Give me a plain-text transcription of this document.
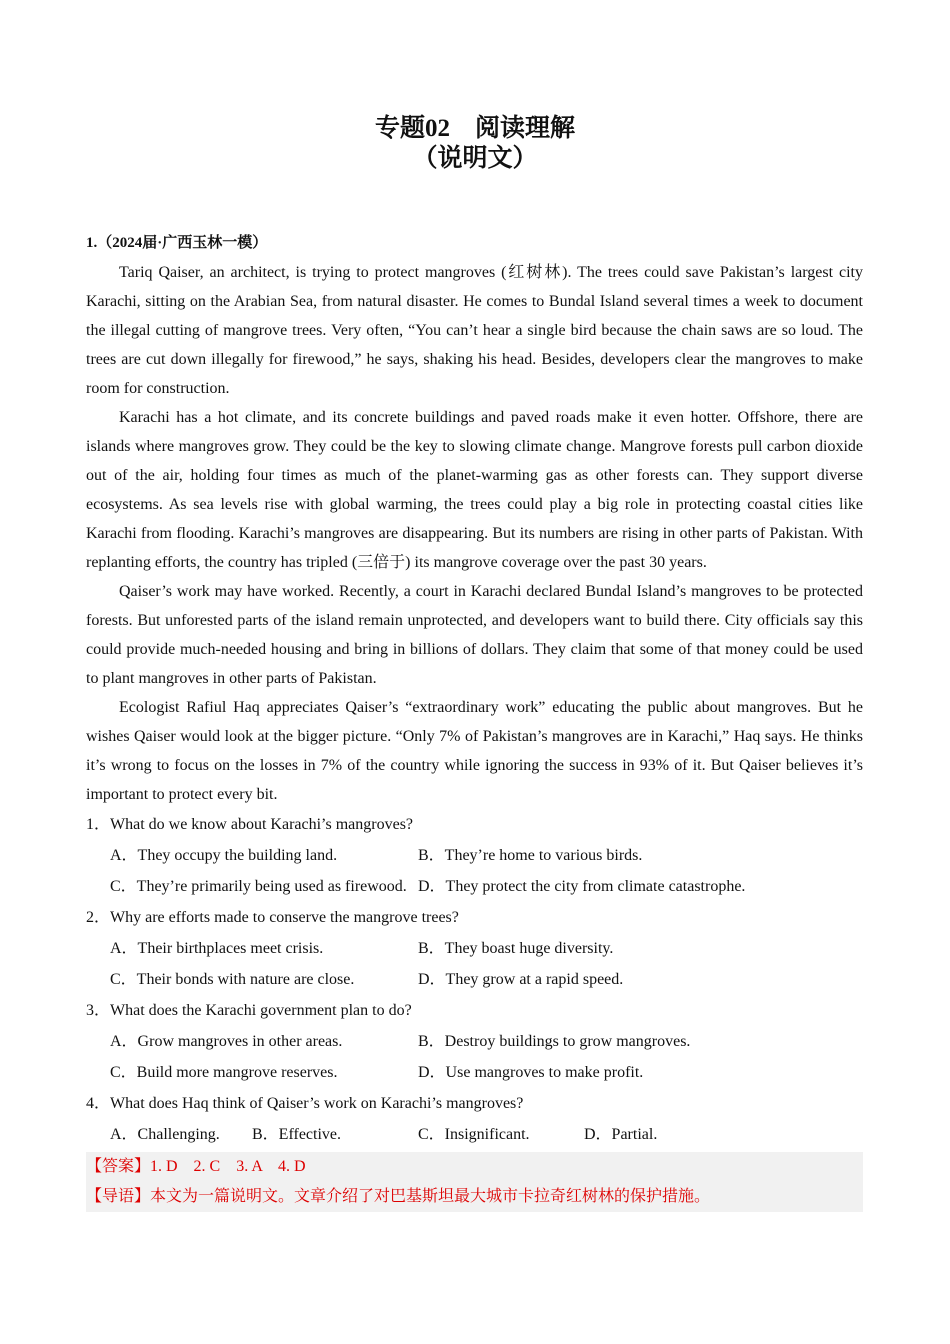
专题02　阅读理解
（说明文）
1.（2024届·广西玉林一模）

Tariq Qaiser, an architect, is trying to protect mangroves (红树林). The trees could save Pakistan’s largest city Karachi, sitting on the Arabian Sea, from natural disaster. He comes to Bundal Island several times a week to document the illegal cutting of mangrove trees. Very often, “You can’t hear a single bird because the chain saws are so loud. The trees are cut down illegally for firewood,” he says, shaking his head. Besides, developers clear the mangroves to make room for construction.

Karachi has a hot climate, and its concrete buildings and paved roads make it even hotter. Offshore, there are islands where mangroves grow. They could be the key to slowing climate change. Mangrove forests pull carbon dioxide out of the air, holding four times as much of the planet-warming gas as other forests can. They support diverse ecosystems. As sea levels rise with global warming, the trees could play a big role in protecting coastal cities like Karachi from flooding. Karachi’s mangroves are disappearing. But its numbers are rising in other parts of Pakistan. With replanting efforts, the country has tripled (三倍于) its mangrove coverage over the past 30 years.

Qaiser’s work may have worked. Recently, a court in Karachi declared Bundal Island’s mangroves to be protected forests. But unforested parts of the island remain unprotected, and developers want to build there. City officials say this could provide much-needed housing and bring in billions of dollars. They claim that some of that money could be used to plant mangroves in other parts of Pakistan.

Ecologist Rafiul Haq appreciates Qaiser’s “extraordinary work” educating the public about mangroves. But he wishes Qaiser would look at the bigger picture. “Only 7% of Pakistan’s mangroves are in Karachi,” Haq says. He thinks it’s wrong to focus on the losses in 7% of the country while ignoring the success in 93% of it. But Qaiser believes it’s important to protect every bit.

1．What do we know about Karachi’s mangroves?
A．They occupy the building land.	B．They’re home to various birds.
C．They’re primarily being used as firewood. D．They protect the city from climate catastrophe.
2．Why are efforts made to conserve the mangrove trees?
A．Their birthplaces meet crisis.	B．They boast huge diversity.
C．Their bonds with nature are close.	D．They grow at a rapid speed.
3．What does the Karachi government plan to do?
A．Grow mangroves in other areas.	B．Destroy buildings to grow mangroves.
C．Build more mangrove reserves.	D．Use mangroves to make profit.
4．What does Haq think of Qaiser’s work on Karachi’s mangroves?
A．Challenging.	B．Effective.	C．Insignificant.	D．Partial.
【答案】1. D　2. C　3. A　4. D
【导语】本文为一篇说明文。文章介绍了对巴基斯坦最大城市卡拉奇红树林的保护措施。
